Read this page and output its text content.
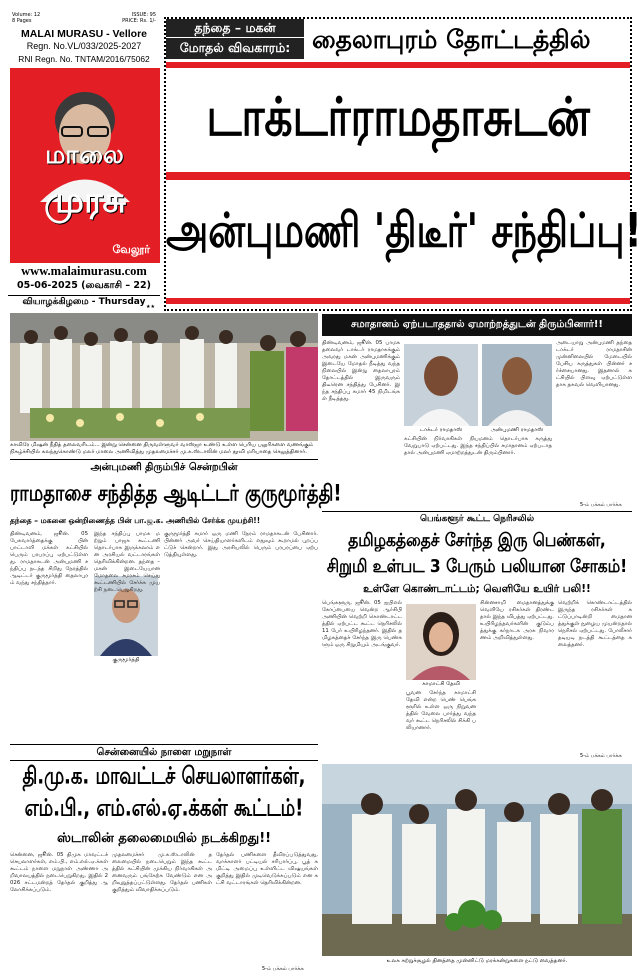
8 Pages
Volume: 12	ISSUE: 95
PRICE: Rs. 1/-
MALAI MURASU - Vellore
Regn. No.VL/033/2025-2027
RNI Regn. No. TNTAM/2016/75062
மாலை
முரசு
வேலூர்
www.malaimurasu.com
05-06-2025 (வைகாசி – 22)
வியாழக்கிழமை - Thursday ★★
தந்தை – மகன்
மோதல் விவகாரம்: தைலாபுரம் தோட்டத்தில்
டாக்டர்ராமதாசுடன்
அன்புமணி 'திடீர்' சந்திப்பு!
காவிரே மிஷன் நீதித் தலைவரிடம்... இன்று சென்னை திருவள்ளுவர் வாஸ்ஜா உண்டு உள்ள பெரிய பலுரிகளை வணங்கும் நிகழ்ச்சியில் கலந்துகொண்டு மலர் மாலை அணிவித்து முதலமைச்சர் மு.க.ஸ்டாலின் மலர் தூவி மரியாதை செலுத்தினார்.
அன்புமணி திரும்பிச் சென்றபின்
ராமதாசை சந்தித்த ஆடிட்டர் குருமூர்த்தி!
தந்தை – மகனை ஒன்றிணைத்த பின் பா.ஜ.க. அணியில் சேர்க்க முயற்சி!!
திண்டிவனம், ஜூன். 05 பேசுவார்த்தைக்கு பின் பாட்டாளி மக்கள் கட்சியில் பெரும் பரபரப்பு ஏற்பட்டுள்ளது. ராமதாசுடன் அன்புமணி சந்திப்பு நடந்த சிறிது நேரத்தில் ஆடிட்டர் குருமூர்த்தி தைலாபுரம் வந்து சந்தித்தார்.
குருமூர்த்தி
இந்த சந்திப்பு பாமக மற்றும் பாஜக கூட்டணி தொடர்பாக இருக்கலாம் என அரசியல் வட்டாரங்கள் தெரிவிக்கின்றன. தந்தை – மகன் இடையேயான மோதலை சமரசம் செய்து கூட்டணியில் சேர்க்க முயற்சி நடைபெறுகிறது.
குருமூர்த்தி சுமார் ஒரு மணி நேரம் ராமதாசுடன் பேசினார். பின்னர் அவர் செய்தியாளர்களிடம் எதுவும் கூறாமல் புறப்பட்டுச் சென்றார். இது அரசியலில் பெரும் பரபரப்பை ஏற்படுத்தியுள்ளது.
சமாதானம் ஏற்படாததால் ஏமாற்றத்துடன் திரும்பினார்!!
திண்டிவனம், ஜூன். 05 பாமக தலைவர் டாக்டர் ராமதாசுக்கும் அவரது மகன் அன்புமணிக்கும் இடையே மோதல் நீடித்து வந்த நிலையில் இன்று தைலாபுரம் தோட்டத்தில் இருவரும் திடீரென சந்தித்து பேசினர். இந்த சந்திப்பு சுமார் 45 நிமிடங்கள் நீடித்தது.
டாக்டர் ராமதாஸ்	அன்புமணி ராமதாஸ்
கட்சியின் நிர்வாகிகள் நியமனம் தொடர்பாக கருத்து வேறுபாடு ஏற்பட்டது. இந்த சந்திப்பில் சமாதானம் ஏற்படாததால் அன்புமணி ஏமாற்றத்துடன் திரும்பினார்.
அடையாறு அன்புமணி தந்தை டாக்டர் ராமதாசின் முன்னிலையில் மேடையில் பேசிய கருத்துகள் பின்னர் சர்ச்சையானது. இதனால் கட்சியில் பிளவு ஏற்பட்டுள்ளதாக தகவல் வெளியானது.
5-ம் பக்கம் பார்க்க
பெங்களூர் கூட்ட நெரிசலில்
தமிழகத்தைச் சேர்ந்த இரு பெண்கள்,
சிறுமி உள்பட 3 பேரும் பலியான சோகம்!
உள்ளே கொண்டாட்டம்; வெளியே உயிர் பலி!!
பெங்களூரு, ஜூன். 05 ஐபிஎல் கோப்பையை வென்ற ஆர்சிபி அணியின் வெற்றி கொண்டாட்டத்தில் ஏற்பட்ட கூட்ட நெரிசலில் 11 பேர் உயிரிழந்தனர். இதில் தமிழகத்தைச் சேர்ந்த இரு பெண்களும் ஒரு சிறுமியும் அடங்குவர்.
காமாட்சி தேவி
பூவன சேர்ந்த காமாட்சி தேவி என்ற பெண் பெங்களூரில் உள்ள ஒரு நிறுவனத்தில் வேலை பார்த்து வந்தவர் கூட்ட நெரிசலில் சிக்கி பலியானார்.
சின்னசாமி மைதானத்துக்கு வெளியே ரசிகர்கள் திரண்டதால் இந்த விபத்து ஏற்பட்டது. உயிரிழந்தவர்களின் குடும்பத்துக்கு கர்நாடக அரசு நிவாரணம் அறிவித்துள்ளது.
வெற்றிக் கொண்டாட்டத்தில் இருந்த ரசிகர்கள் கட்டுப்பாடின்றி மைதானத்துக்குள் நுழைய முயன்றதால் நெரிசல் ஏற்பட்டது. போலீசார் தடியடி நடத்தி கூட்டத்தை கலைத்தனர்.
5-ம் பக்கம் பார்க்க
சென்னையில் நாளை மறுநாள்
தி.மு.க. மாவட்டச் செயலாளர்கள்,
எம்.பி., எம்.எல்.ஏ.க்கள் கூட்டம்!
ஸ்டாலின் தலைமையில் நடக்கிறது!!
சென்னை, ஜூன். 05 திமுக மாவட்டச் செயலாளர்கள், எம்.பி., எம்.எல்.ஏ.க்கள் கூட்டம் நாளை மறுநாள் அண்ணா அறிவாலயத்தில் நடைபெறுகிறது. இதில் 2026 சட்டமன்றத் தேர்தல் குறித்து ஆலோசிக்கப்படும்.
முதலமைச்சர் மு.க.ஸ்டாலின் தலைமையில் நடைபெறும் இந்த கூட்டத்தில் கட்சியின் முக்கிய நிர்வாகிகள் அனைவரும் பங்கேற்க வேண்டும் என அறிவுறுத்தப்பட்டுள்ளது. தேர்தல் பணிகள் குறித்தும் விவாதிக்கப்படும்.
தேர்தல் பணிகளை தீவிரப்படுத்துவது, வாக்காளர் பட்டியல் சரிபார்ப்பு, பூத் கமிட்டி அமைப்பு உள்ளிட்ட விஷயங்கள் குறித்து இதில் முடிவெடுக்கப்படும் என கட்சி வட்டாரங்கள் தெரிவிக்கின்றன.
5-ம் பக்கம் பார்க்க
உலக சுற்றுச்சூழல் தினத்தை முன்னிட்டு மரக்கன்றுகளை நட்டு வைத்தனர்.
